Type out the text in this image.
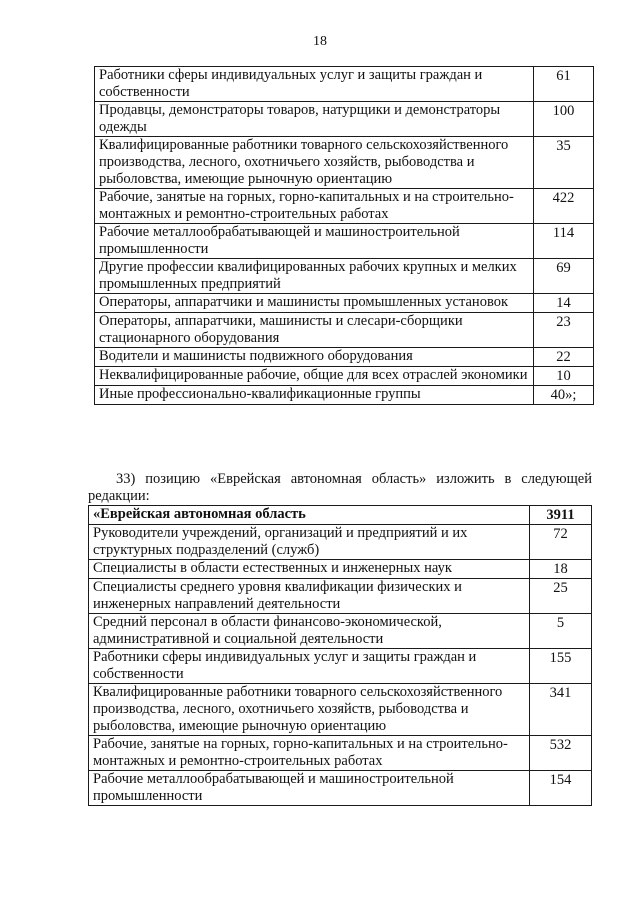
18
Работники сферы индивидуальных услуг и защиты граждан и собственности	61
Продавцы, демонстраторы товаров, натурщики и демонстраторы одежды	100
Квалифицированные работники товарного сельскохозяйственного производства, лесного, охотничьего хозяйств, рыбоводства и рыболовства, имеющие рыночную ориентацию	35
Рабочие, занятые на горных, горно-капитальных и на строительно-монтажных и ремонтно-строительных работах	422
Рабочие металлообрабатывающей и машиностроительной промышленности	114
Другие профессии квалифицированных рабочих крупных и мелких промышленных предприятий	69
Операторы, аппаратчики и машинисты промышленных установок	14
Операторы, аппаратчики, машинисты и слесари-сборщики стационарного оборудования	23
Водители и машинисты подвижного оборудования	22
Неквалифицированные рабочие, общие для всех отраслей экономики	10
Иные профессионально-квалификационные группы	40»;
33) позицию «Еврейская автономная область» изложить в следующей редакции:
«Еврейская автономная область	3911
Руководители учреждений, организаций и предприятий и их структурных подразделений (служб)	72
Специалисты в области естественных и инженерных наук	18
Специалисты среднего уровня квалификации физических и инженерных направлений деятельности	25
Средний персонал в области финансово-экономической, административной и социальной деятельности	5
Работники сферы индивидуальных услуг и защиты граждан и собственности	155
Квалифицированные работники товарного сельскохозяйственного производства, лесного, охотничьего хозяйств, рыбоводства и рыболовства, имеющие рыночную ориентацию	341
Рабочие, занятые на горных, горно-капитальных и на строительно-монтажных и ремонтно-строительных работах	532
Рабочие металлообрабатывающей и машиностроительной промышленности	154
